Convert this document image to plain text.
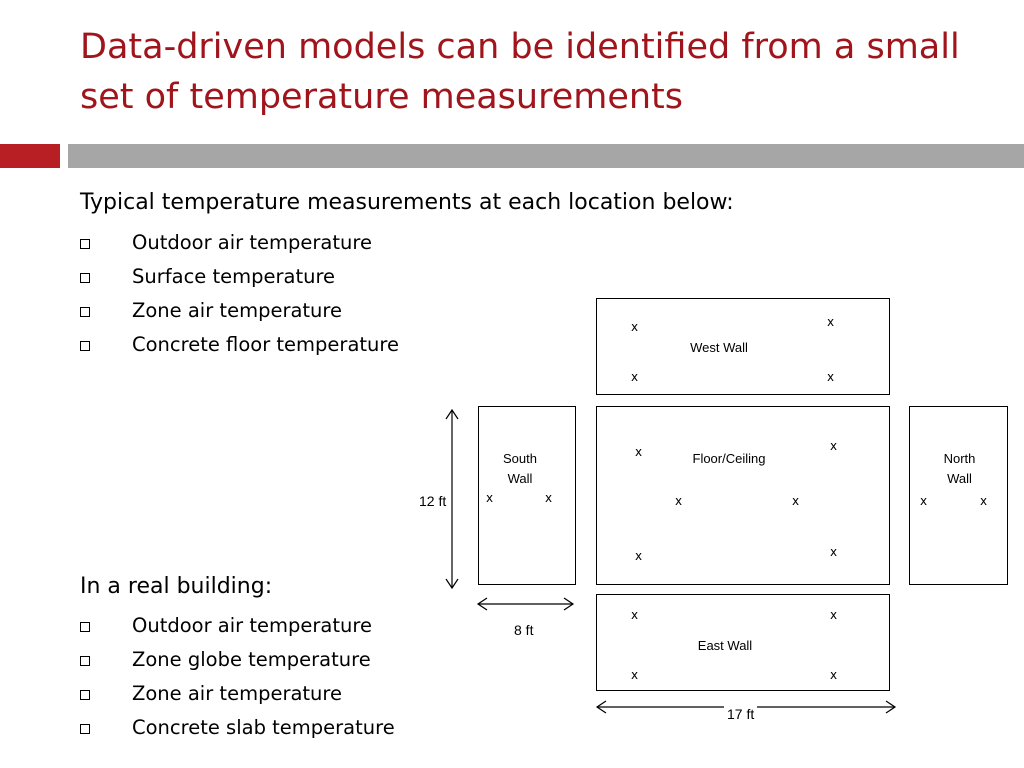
Data-driven models can be identified from a small set of temperature measurements
Typical temperature measurements at each location below:
Outdoor air temperature
Surface temperature
Zone air temperature
Concrete floor temperature
In a real building:
Outdoor air temperature
Zone globe temperature
Zone air temperature
Concrete slab temperature
West Wall
South
Wall
Floor/Ceiling	North
Wall
East Wall
x	x
x	x
x	x
x	x
x	x
x	x
x	x
x	x
x	x
12 ft
8 ft
17 ft
